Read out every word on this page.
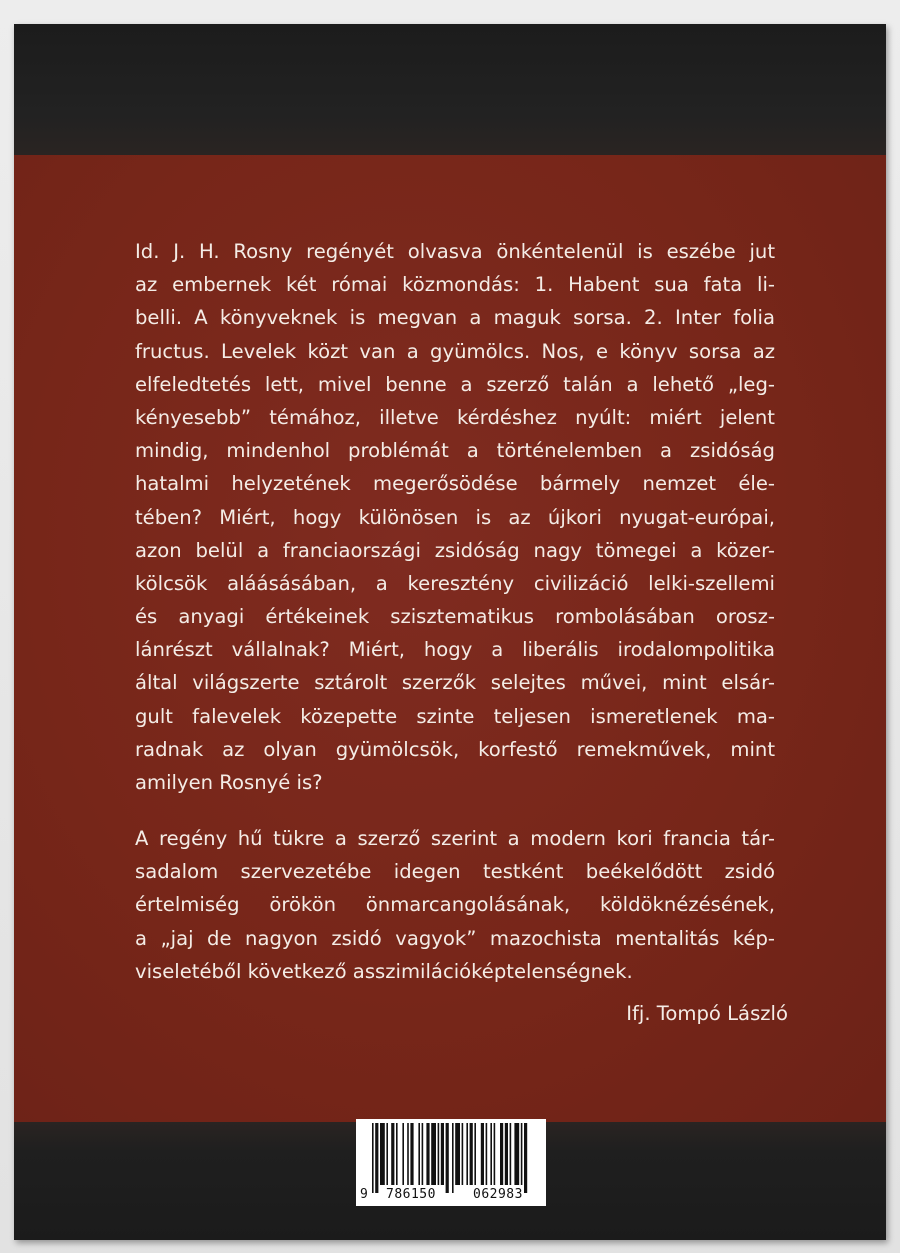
Id. J. H. Rosny regényét olvasva önkéntelenül is eszébe jut
az embernek két római közmondás: 1. Habent sua fata li-
belli. A könyveknek is megvan a maguk sorsa. 2. Inter folia
fructus. Levelek közt van a gyümölcs. Nos, e könyv sorsa az
elfeledtetés lett, mivel benne a szerző talán a lehető „leg-
kényesebb” témához, illetve kérdéshez nyúlt: miért jelent
mindig, mindenhol problémát a történelemben a zsidóság
hatalmi helyzetének megerősödése bármely nemzet éle-
tében? Miért, hogy különösen is az újkori nyugat-európai,
azon belül a franciaországi zsidóság nagy tömegei a közer-
kölcsök aláásásában, a keresztény civilizáció lelki-szellemi
és anyagi értékeinek szisztematikus rombolásában orosz-
lánrészt vállalnak? Miért, hogy a liberális irodalompolitika
által világszerte sztárolt szerzők selejtes művei, mint elsár-
gult falevelek közepette szinte teljesen ismeretlenek ma-
radnak az olyan gyümölcsök, korfestő remekművek, mint
amilyen Rosnyé is?
A regény hű tükre a szerző szerint a modern kori francia tár-
sadalom szervezetébe idegen testként beékelődött zsidó
értelmiség örökön önmarcangolásának, köldöknézésének,
a „jaj de nagyon zsidó vagyok” mazochista mentalitás kép-
viseletéből következő asszimilációképtelenségnek.
Ifj. Tompó László
9 786150	062983
